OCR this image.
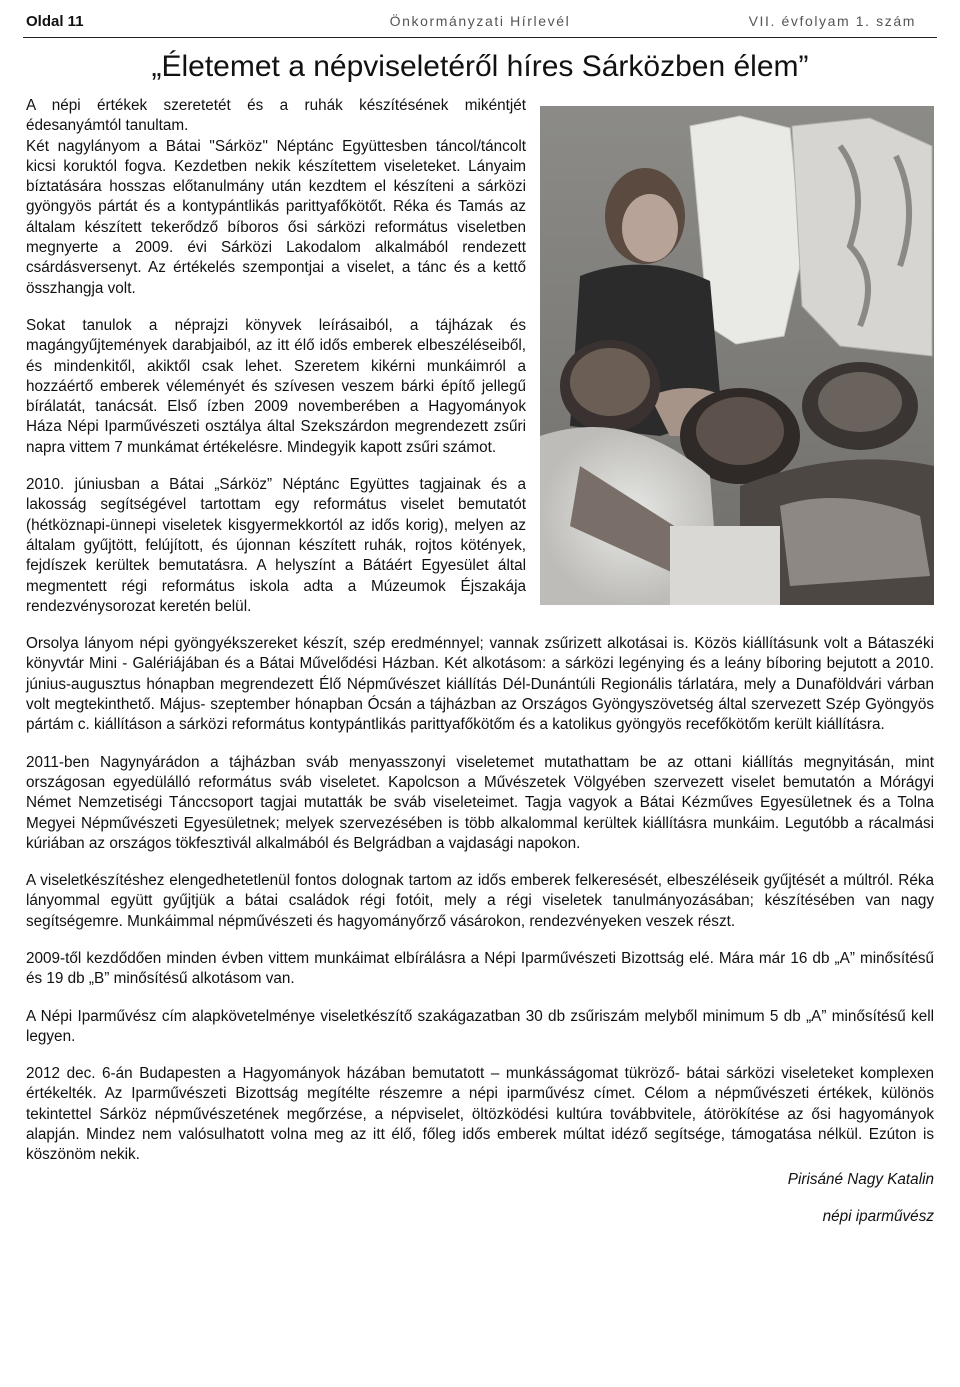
Oldal 11	Önkormányzati Hírlevél	VII. évfolyam 1. szám
„Életemet a népviseletéről híres Sárközben élem”

A népi értékek szeretetét és a ruhák készítésének mikéntjét édesanyámtól tanultam.

Két nagylányom a Bátai "Sárköz" Néptánc Együttesben táncol/táncolt kicsi koruktól fogva. Kezdetben nekik készítettem viseleteket. Lányaim bíztatására hosszas előtanulmány után kezdtem el készíteni a sárközi gyöngyös pártát és a kontypántlikás parittyafőkötőt. Réka és Tamás az általam készített tekerődző bíboros ősi sárközi református viseletben megnyerte a 2009. évi Sárközi Lakodalom alkalmából rendezett csárdásversenyt. Az értékelés szempontjai a viselet, a tánc és a kettő összhangja volt.

Sokat tanulok a néprajzi könyvek leírásaiból, a tájházak és magángyűjtemények darabjaiból, az itt élő idős emberek elbeszéléseiből, és mindenkitől, akiktől csak lehet. Szeretem kikérni munkáimról a hozzáértő emberek véleményét és szívesen veszem bárki építő jellegű bírálatát, tanácsát. Első ízben 2009 novemberében a Hagyományok Háza Népi Iparművészeti osztálya által Szekszárdon megrendezett zsűri napra vittem 7 munkámat értékelésre. Mindegyik kapott zsűri számot.

2010. júniusban a Bátai „Sárköz” Néptánc Együttes tagjainak és a lakosság segítségével tartottam egy református viselet bemutatót (hétköznapi-ünnepi viseletek kisgyermekkortól az idős korig), melyen az általam gyűjtött, felújított, és újonnan készített ruhák, rojtos kötények, fejdíszek kerültek bemutatásra. A helyszínt a Bátáért Egyesület által megmentett régi református iskola adta a Múzeumok Éjszakája rendezvénysorozat keretén belül.

Orsolya lányom népi gyöngyékszereket készít, szép eredménnyel; vannak zsűrizett alkotásai is. Közös kiállításunk volt a Bátaszéki könyvtár Mini - Galériájában és a Bátai Művelődési Házban. Két alkotásom: a sárközi legénying és a leány bíboring bejutott a 2010. június-augusztus hónapban megrendezett Élő Népművészet kiállítás Dél-Dunántúli Regionális tárlatára, mely a Dunaföldvári várban volt megtekinthető. Május- szeptember hónapban Ócsán a tájházban az Országos Gyöngyszövetség által szervezett Szép Gyöngyös pártám c. kiállításon a sárközi református kontypántlikás parittyafőkötőm és a katolikus gyöngyös recefőkötőm került kiállításra.

2011-ben Nagynyárádon a tájházban sváb menyasszonyi viseletemet mutathattam be az ottani kiállítás megnyitásán, mint országosan egyedülálló református sváb viseletet. Kapolcson a Művészetek Völgyében szervezett viselet bemutatón a Mórágyi Német Nemzetiségi Tánccsoport tagjai mutatták be sváb viseleteimet. Tagja vagyok a Bátai Kézműves Egyesületnek és a Tolna Megyei Népművészeti Egyesületnek; melyek szervezésében is több alkalommal kerültek kiállításra munkáim. Legutóbb a rácalmási kúriában az országos tökfesztivál alkalmából és Belgrádban a vajdasági napokon.

A viseletkészítéshez elengedhetetlenül fontos dolognak tartom az idős emberek felkeresését, elbeszéléseik gyűjtését a múltról. Réka lányommal együtt gyűjtjük a bátai családok régi fotóit, mely a régi viseletek tanulmányozásában; készítésében van nagy segítségemre. Munkáimmal népművészeti és hagyományőrző vásárokon, rendezvényeken veszek részt.

2009-től kezdődően minden évben vittem munkáimat elbírálásra a Népi Iparművészeti Bizottság elé. Mára már 16 db „A” minősítésű és 19 db „B” minősítésű alkotásom van.

A Népi Iparművész cím alapkövetelménye viseletkészítő szakágazatban 30 db zsűriszám melyből minimum 5 db „A” minősítésű kell legyen.

2012 dec. 6-án Budapesten a Hagyományok házában bemutatott – munkásságomat tükröző- bátai sárközi viseleteket komplexen értékelték. Az Iparművészeti Bizottság megítélte részemre a népi iparművész címet. Célom a népművészeti értékek, különös tekintettel Sárköz népművészetének megőrzése, a népviselet, öltözködési kultúra továbbvitele, átörökítése az ősi hagyományok alapján. Mindez nem valósulhatott volna meg az itt élő, főleg idős emberek múltat idéző segítsége, támogatása nélkül. Ezúton is köszönöm nekik.

Pirisáné Nagy Katalin

népi iparművész
